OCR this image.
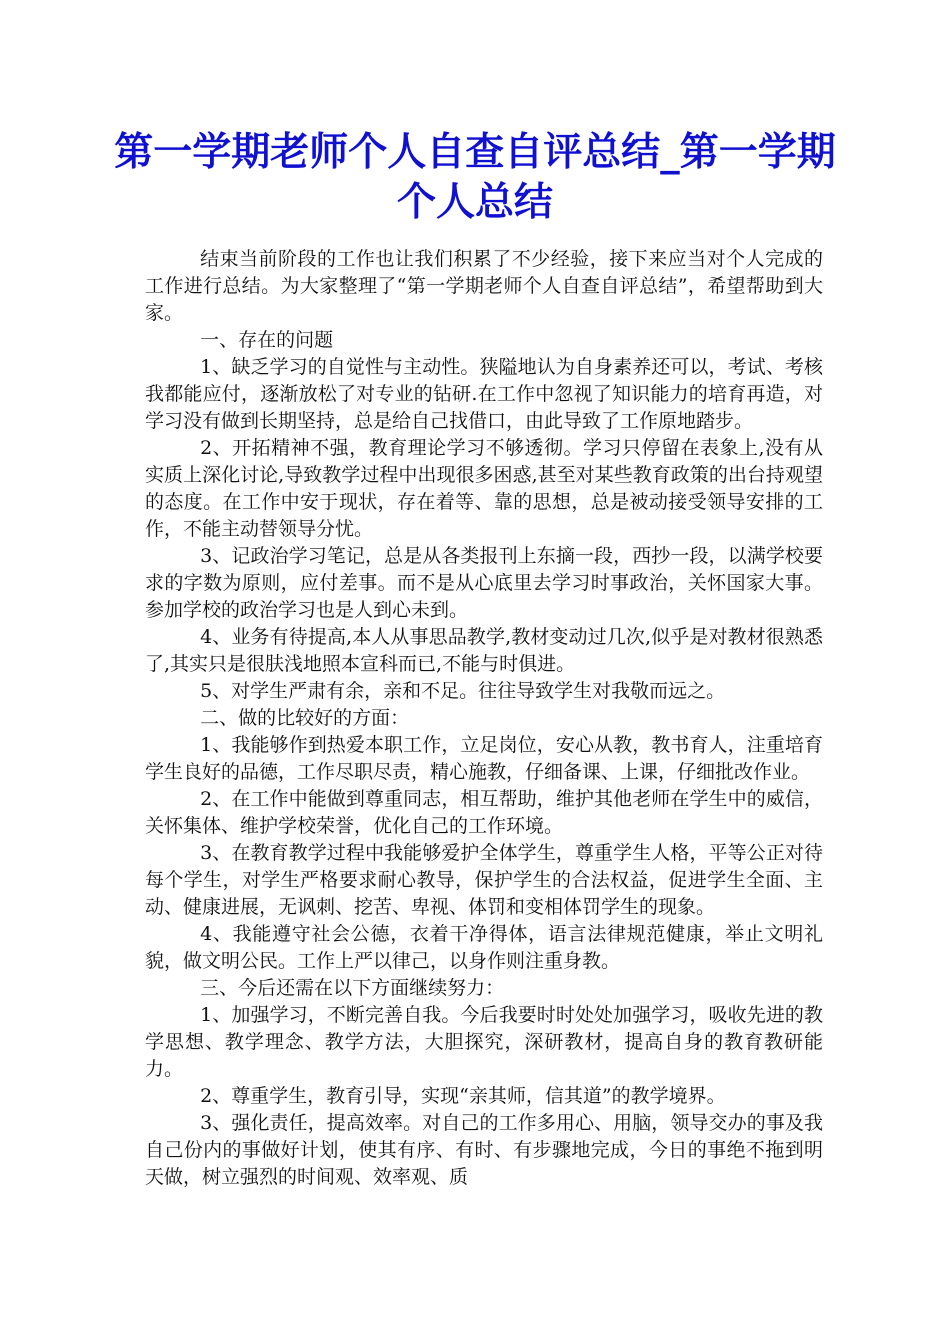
第一学期老师个人自查自评总结_第一学期个人总结

结束当前阶段的工作也让我们积累了不少经验，接下来应当对个人完成的工作进行总结。为大家整理了“第一学期老师个人自查自评总结”，希望帮助到大家。

一、存在的问题

1、缺乏学习的自觉性与主动性。狭隘地认为自身素养还可以，考试、考核我都能应付，逐渐放松了对专业的钻研.在工作中忽视了知识能力的培育再造，对学习没有做到长期坚持，总是给自己找借口，由此导致了工作原地踏步。

2、开拓精神不强，教育理论学习不够透彻。学习只停留在表象上,没有从实质上深化讨论,导致教学过程中出现很多困惑,甚至对某些教育政策的出台持观望的态度。在工作中安于现状，存在着等、靠的思想，总是被动接受领导安排的工作，不能主动替领导分忧。

3、记政治学习笔记，总是从各类报刊上东摘一段，西抄一段，以满学校要求的字数为原则，应付差事。而不是从心底里去学习时事政治，关怀国家大事。参加学校的政治学习也是人到心未到。

4、业务有待提高,本人从事思品教学,教材变动过几次,似乎是对教材很熟悉了,其实只是很肤浅地照本宣科而已,不能与时俱进。

5、对学生严肃有余，亲和不足。往往导致学生对我敬而远之。

二、做的比较好的方面：

1、我能够作到热爱本职工作，立足岗位，安心从教，教书育人，注重培育学生良好的品德，工作尽职尽责，精心施教，仔细备课、上课，仔细批改作业。

2、在工作中能做到尊重同志，相互帮助，维护其他老师在学生中的威信，关怀集体、维护学校荣誉，优化自己的工作环境。

3、在教育教学过程中我能够爱护全体学生，尊重学生人格，平等公正对待每个学生，对学生严格要求耐心教导，保护学生的合法权益，促进学生全面、主动、健康进展，无讽刺、挖苦、卑视、体罚和变相体罚学生的现象。

4、我能遵守社会公德，衣着干净得体，语言法律规范健康，举止文明礼貌，做文明公民。工作上严以律己，以身作则注重身教。

三、今后还需在以下方面继续努力：

1、加强学习，不断完善自我。今后我要时时处处加强学习，吸收先进的教学思想、教学理念、教学方法，大胆探究，深研教材，提高自身的教育教研能力。

2、尊重学生，教育引导，实现“亲其师，信其道”的教学境界。

3、强化责任，提高效率。对自己的工作多用心、用脑，领导交办的事及我自己份内的事做好计划，使其有序、有时、有步骤地完成，今日的事绝不拖到明天做，树立强烈的时间观、效率观、质
